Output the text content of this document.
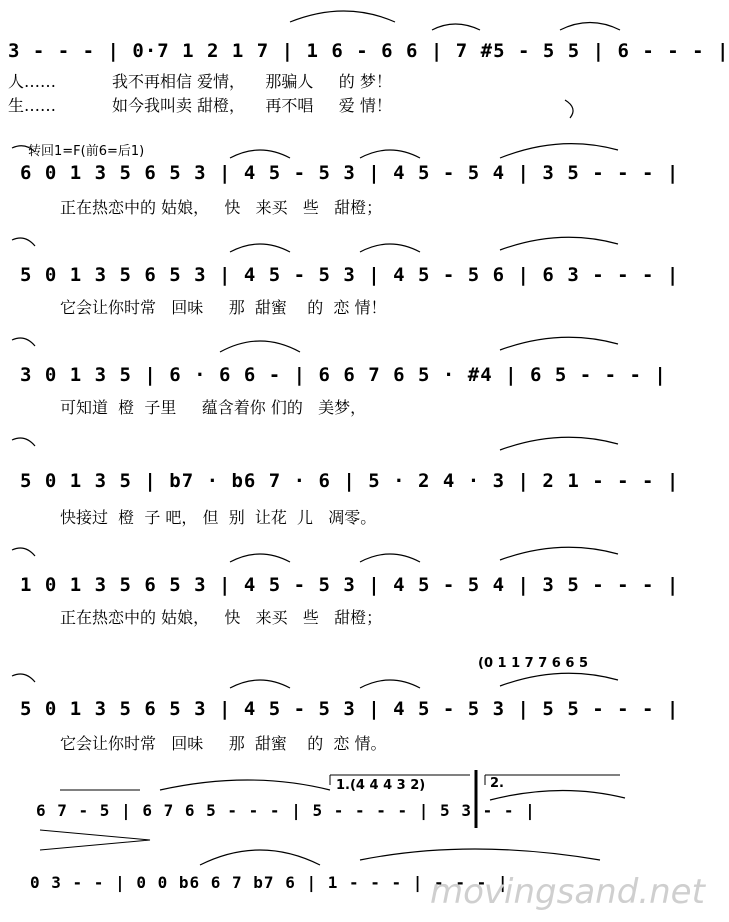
3 - - - | 0·7 1 2 1 7 | 1 6 - 6 6 | 7 #5 - 5 5 | 6 - - - |
人……           我不再相信 爱情，    那骗人     的 梦！
生……           如今我叫卖 甜橙，    再不唱     爱 情！
转回1=F(前6=后1)
6 0 1 3 5 6 5 3 | 4 5 - 5 3 | 4 5 - 5 4 | 3 5 - - - |
正在热恋中的 姑娘，   快   来买   些   甜橙；
5 0 1 3 5 6 5 3 | 4 5 - 5 3 | 4 5 - 5 6 | 6 3 - - - |
它会让你时常   回味     那  甜蜜    的  恋 情！
3 0 1 3 5 | 6 · 6 6 - | 6 6 7 6 5 · #4 | 6 5 - - - |
可知道  橙  子里     蕴含着你 们的   美梦，
5 0 1 3 5 | b7 · b6 7 · 6 | 5 · 2 4 · 3 | 2 1 - - - |
快接过  橙  子 吧， 但  别  让花  儿   凋零。
1 0 1 3 5 6 5 3 | 4 5 - 5 3 | 4 5 - 5 4 | 3 5 - - - |
正在热恋中的 姑娘，   快   来买   些   甜橙；
(0 1 1 7 7 6 6 5
5 0 1 3 5 6 5 3 | 4 5 - 5 3 | 4 5 - 5 3 | 5 5 - - - |
它会让你时常   回味     那  甜蜜    的  恋 情。
1.(4 4 4 3 2)	2.
6 7 - 5 | 6 7 6 5 - - - | 5 - - - - | 5 3 - - |
0 3 - - | 0 0 b6 6 7 b7 6 | 1 - - - | - - - |
movingsand.net
